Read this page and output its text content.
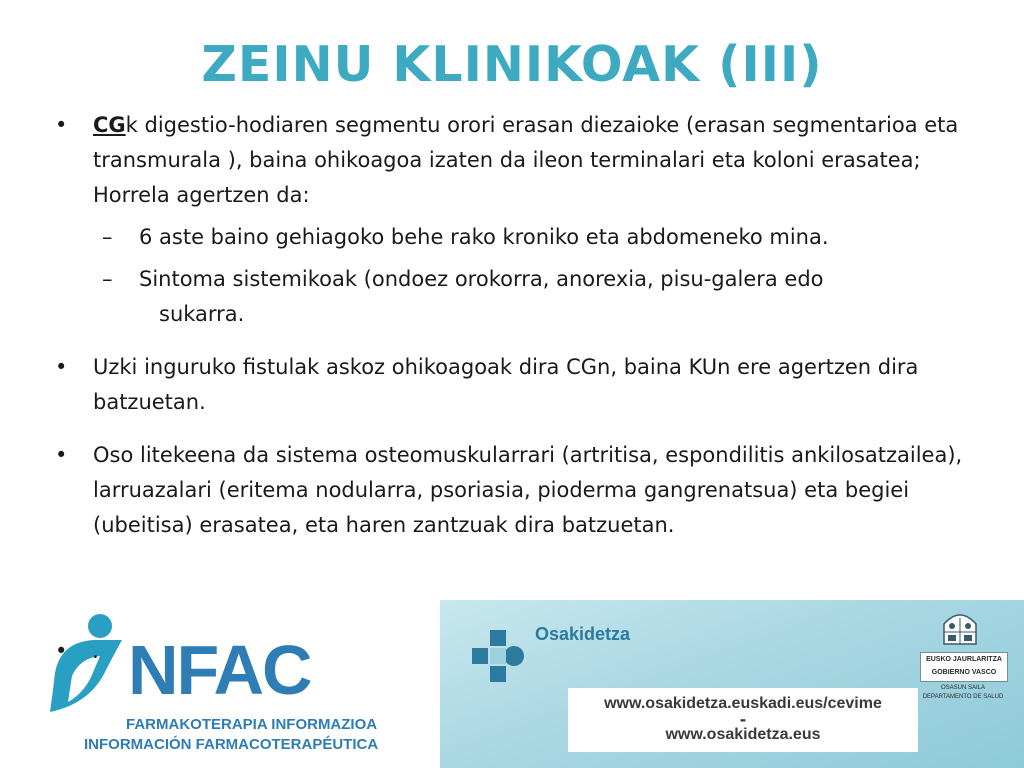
ZEINU KLINIKOAK (III)
• CGk digestio-hodiaren segmentu orori erasan diezaioke (erasan segmentarioa eta transmurala ), baina ohikoagoa izaten da ileon terminalari eta koloni erasatea; Horrela agertzen da:
– 6 aste baino gehiagoko behe rako kroniko eta abdomeneko mina.
– Sintoma sistemikoak (ondoez orokorra, anorexia, pisu-galera edo
sukarra.
• Uzki inguruko fistulak askoz ohikoagoak dira CGn, baina KUn ere agertzen dira batzuetan.
• Oso litekeena da sistema osteomuskularrari (artritisa, espondilitis ankilosatzailea), larruazalari (eritema nodularra, psoriasia, pioderma gangrenatsua) eta begiei (ubeitisa) erasatea, eta haren zantzuak dira batzuetan.
Osakidetza
www.osakidetza.euskadi.eus/cevime
-
www.osakidetza.eus
EUSKO JAURLARITZA
GOBIERNO VASCO
OSASUN SAILA
DEPARTAMENTO DE SALUD
NFAC
FARMAKOTERAPIA INFORMAZIOA
INFORMACIÓN FARMACOTERAPÉUTICA
• .
